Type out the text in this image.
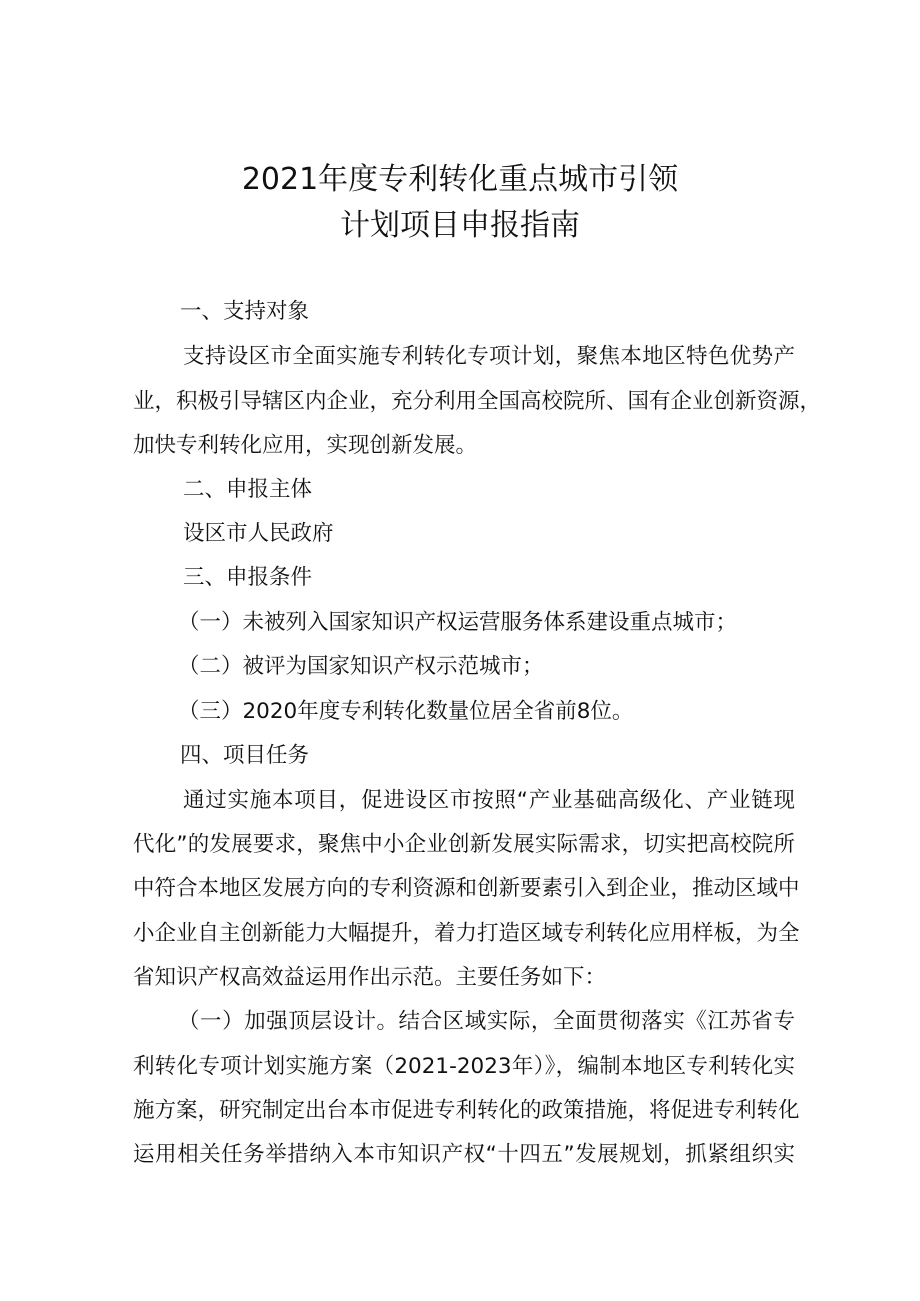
2021年度专利转化重点城市引领
计划项目申报指南
一、支持对象
支持设区市全面实施专利转化专项计划，聚焦本地区特色优势产
业，积极引导辖区内企业，充分利用全国高校院所、国有企业创新资源，
加快专利转化应用，实现创新发展。
二、申报主体
设区市人民政府
三、申报条件
（一）未被列入国家知识产权运营服务体系建设重点城市；
（二）被评为国家知识产权示范城市；
（三）2020年度专利转化数量位居全省前8位。
四、项目任务
通过实施本项目，促进设区市按照“产业基础高级化、产业链现
代化”的发展要求，聚焦中小企业创新发展实际需求，切实把高校院所
中符合本地区发展方向的专利资源和创新要素引入到企业，推动区域中
小企业自主创新能力大幅提升，着力打造区域专利转化应用样板，为全
省知识产权高效益运用作出示范。主要任务如下：
（一）加强顶层设计。结合区域实际，全面贯彻落实《江苏省专
利转化专项计划实施方案（2021-2023年）》，编制本地区专利转化实
施方案，研究制定出台本市促进专利转化的政策措施，将促进专利转化
运用相关任务举措纳入本市知识产权“十四五”发展规划，抓紧组织实
